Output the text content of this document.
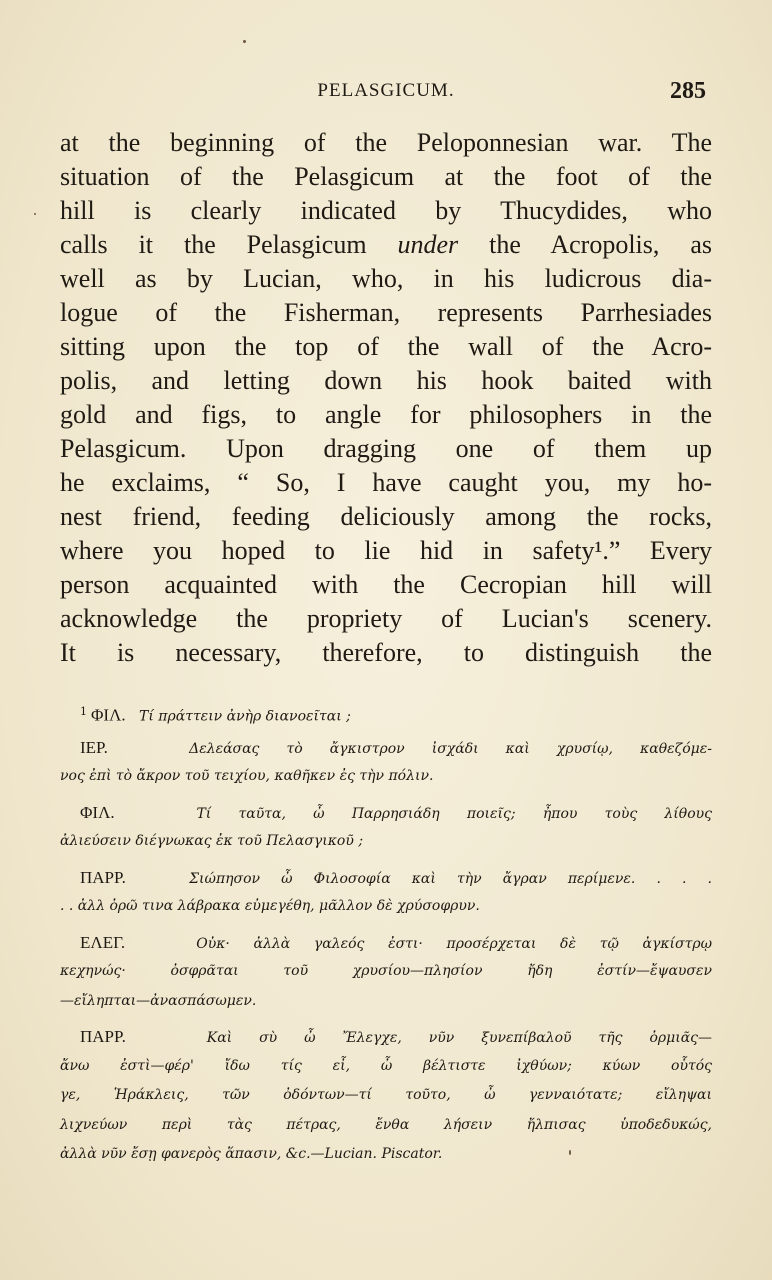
PELASGICUM.	285
at the beginning of the Peloponnesian war. The
situation of the Pelasgicum at the foot of the
hill is clearly indicated by Thucydides, who
calls it the Pelasgicum under the Acropolis, as
well as by Lucian, who, in his ludicrous dia-
logue of the Fisherman, represents Parrhesiades
sitting upon the top of the wall of the Acro-
polis, and letting down his hook baited with
gold and figs, to angle for philosophers in the
Pelasgicum. Upon dragging one of them up
he exclaims, “ So, I have caught you, my ho-
nest friend, feeding deliciously among the rocks,
where you hoped to lie hid in safety¹.” Every
person acquainted with the Cecropian hill will
acknowledge the propriety of Lucian's scenery.
It is necessary, therefore, to distinguish the
$^1$ ΦΙΛ. Τί πράττειν ἀνὴρ διανοεῖται ;
ΙΕΡ.	Δελεάσας τὸ ἄγκιστρον ἰσχάδι καὶ χρυσίῳ, καθεζόμε-
νος ἐπὶ τὸ ἄκρον τοῦ τειχίου, καθῆκεν ἐς τὴν πόλιν.
ΦΙΛ.	Τί ταῦτα, ὦ Παρρησιάδη ποιεῖς; ἦπου τοὺς λίθους
ἁλιεύσειν διέγνωκας ἐκ τοῦ Πελασγικοῦ ;
ΠΑΡΡ.	Σιώπησον ὦ Φιλοσοφία καὶ τὴν ἄγραν περίμενε. . . .
. . ἀλλ ὁρῶ τινα λάβρακα εὐμεγέθη, μᾶλλον δὲ χρύσοφρυν.
ΕΛΕΓ.	Οὐκ· ἀλλὰ γαλεός ἐστι· προσέρχεται δὲ τῷ ἀγκίστρῳ
κεχηνώς· ὀσφρᾶται τοῦ χρυσίου—πλησίον ἤδη ἐστίν—ἔψαυσεν
—εἴληπται—ἀνασπάσωμεν.
ΠΑΡΡ.	Καὶ σὺ ὦ Ἔλεγχε, νῦν ξυνεπίβαλοῦ τῆς ὁρμιᾶς—
ἄνω ἐστὶ—φέρ' ἴδω τίς εἶ, ὦ βέλτιστε ἰχθύων; κύων οὗτός
γε, Ἡράκλεις, τῶν ὀδόντων—τί τοῦτο, ὦ γενναιότατε; εἴληψαι
λιχνεύων περὶ τὰς πέτρας, ἔνθα λήσειν ἤλπισας ὑποδεδυκώς,
ἀλλὰ νῦν ἔσῃ φανερὸς ἅπασιν, &c.—Lucian. Piscator.
